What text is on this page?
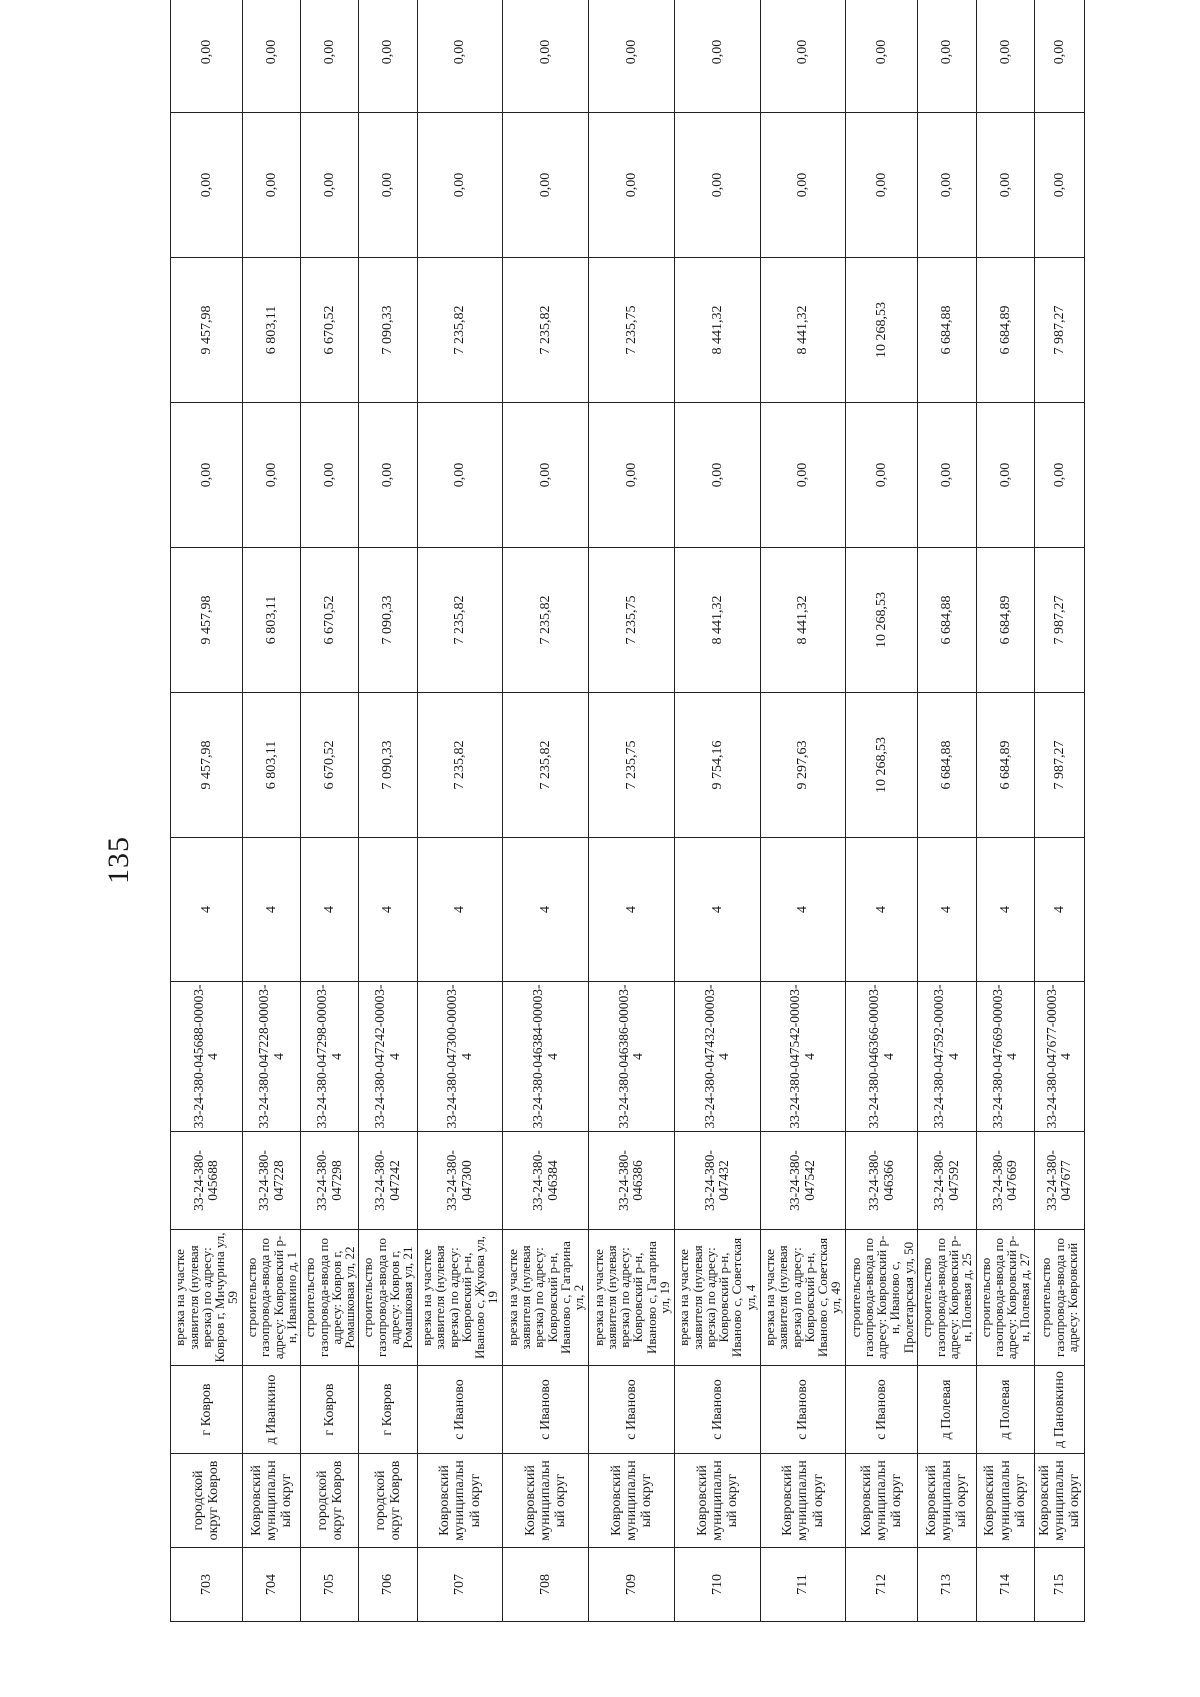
135
703	городской округ Ковров	г Ковров	врезка на участке заявителя (нулевая врезка) по адресу: Ковров г, Мичурина ул, 59	33-24-380-045688	33-24-380-045688-00003-4	4	9 457,98	9 457,98	0,00	9 457,98	0,00	0,00
704	Ковровский муниципальный округ	д Иванкино	строительство газопровода-ввода по адресу: Ковровский р-н, Иванкино д, 1	33-24-380-047228	33-24-380-047228-00003-4	4	6 803,11	6 803,11	0,00	6 803,11	0,00	0,00
705	городской округ Ковров	г Ковров	строительство газопровода-ввода по адресу: Ковров г, Ромашковая ул, 22	33-24-380-047298	33-24-380-047298-00003-4	4	6 670,52	6 670,52	0,00	6 670,52	0,00	0,00
706	городской округ Ковров	г Ковров	строительство газопровода-ввода по адресу: Ковров г, Ромашковая ул, 21	33-24-380-047242	33-24-380-047242-00003-4	4	7 090,33	7 090,33	0,00	7 090,33	0,00	0,00
707	Ковровский муниципальный округ	с Иваново	врезка на участке заявителя (нулевая врезка) по адресу: Ковровский р-н, Иваново с, Жукова ул, 19	33-24-380-047300	33-24-380-047300-00003-4	4	7 235,82	7 235,82	0,00	7 235,82	0,00	0,00
708	Ковровский муниципальный округ	с Иваново	врезка на участке заявителя (нулевая врезка) по адресу: Ковровский р-н, Иваново с, Гагарина ул, 2	33-24-380-046384	33-24-380-046384-00003-4	4	7 235,82	7 235,82	0,00	7 235,82	0,00	0,00
709	Ковровский муниципальный округ	с Иваново	врезка на участке заявителя (нулевая врезка) по адресу: Ковровский р-н, Иваново с, Гагарина ул, 19	33-24-380-046386	33-24-380-046386-00003-4	4	7 235,75	7 235,75	0,00	7 235,75	0,00	0,00
710	Ковровский муниципальный округ	с Иваново	врезка на участке заявителя (нулевая врезка) по адресу: Ковровский р-н, Иваново с, Советская ул, 4	33-24-380-047432	33-24-380-047432-00003-4	4	9 754,16	8 441,32	0,00	8 441,32	0,00	0,00
711	Ковровский муниципальный округ	с Иваново	врезка на участке заявителя (нулевая врезка) по адресу: Ковровский р-н, Иваново с, Советская ул, 49	33-24-380-047542	33-24-380-047542-00003-4	4	9 297,63	8 441,32	0,00	8 441,32	0,00	0,00
712	Ковровский муниципальный округ	с Иваново	строительство газопровода-ввода по адресу: Ковровский р-н, Иваново с, Пролетарская ул, 50	33-24-380-046366	33-24-380-046366-00003-4	4	10 268,53	10 268,53	0,00	10 268,53	0,00	0,00
713	Ковровский муниципальный округ	д Полевая	строительство газопровода-ввода по адресу: Ковровский р-н, Полевая д, 25	33-24-380-047592	33-24-380-047592-00003-4	4	6 684,88	6 684,88	0,00	6 684,88	0,00	0,00
714	Ковровский муниципальный округ	д Полевая	строительство газопровода-ввода по адресу: Ковровский р-н, Полевая д, 27	33-24-380-047669	33-24-380-047669-00003-4	4	6 684,89	6 684,89	0,00	6 684,89	0,00	0,00
715	Ковровский муниципальный округ	д Пановкино	строительство газопровода-ввода по адресу: Ковровский	33-24-380-047677	33-24-380-047677-00003-4	4	7 987,27	7 987,27	0,00	7 987,27	0,00	0,00
